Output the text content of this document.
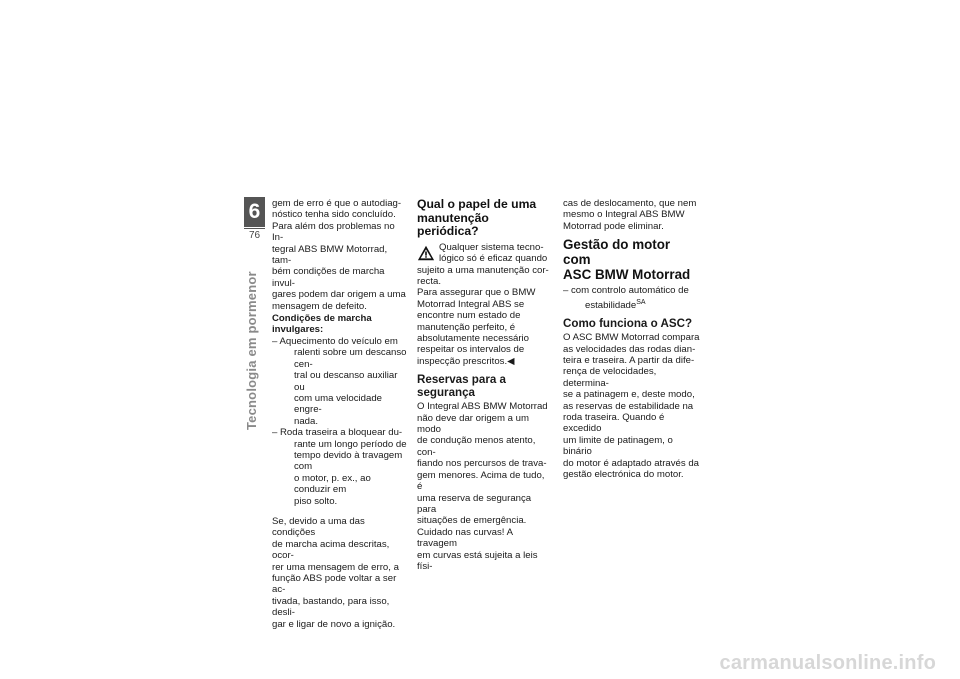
6
76
Tecnologia em pormenor

gem de erro é que o autodiag-
nóstico tenha sido concluído.
Para além dos problemas no In-
tegral ABS BMW Motorrad, tam-
bém condições de marcha invul-
gares podem dar origem a uma
mensagem de defeito.

Condições de marcha
invulgares:

– Aquecimento do veículo em
ralenti sobre um descanso cen-
tral ou descanso auxiliar ou
com uma velocidade engre-
nada.

– Roda traseira a bloquear du-
rante um longo período de
tempo devido à travagem com
o motor, p. ex., ao conduzir em
piso solto.

Se, devido a uma das condições
de marcha acima descritas, ocor-
rer uma mensagem de erro, a
função ABS pode voltar a ser ac-
tivada, bastando, para isso, desli-
gar e ligar de novo a ignição.

Qual o papel de uma
manutenção periódica?

Qualquer sistema tecno-
lógico só é eficaz quando
sujeito a uma manutenção cor-
recta.

Para assegurar que o BMW
Motorrad Integral ABS se
encontre num estado de
manutenção perfeito, é
absolutamente necessário
respeitar os intervalos de
inspecção prescritos.◀

Reservas para a
segurança

O Integral ABS BMW Motorrad
não deve dar origem a um modo
de condução menos atento, con-
fiando nos percursos de trava-
gem menores. Acima de tudo, é
uma reserva de segurança para
situações de emergência.
Cuidado nas curvas! A travagem
em curvas está sujeita a leis físi-

cas de deslocamento, que nem
mesmo o Integral ABS BMW
Motorrad pode eliminar.

Gestão do motor com
ASC BMW Motorrad

– com controlo automático de
estabilidade$^{SA}$

Como funciona o ASC?

O ASC BMW Motorrad compara
as velocidades das rodas dian-
teira e traseira. A partir da dife-
rença de velocidades, determina-
se a patinagem e, deste modo,
as reservas de estabilidade na
roda traseira. Quando é excedido
um limite de patinagem, o binário
do motor é adaptado através da
gestão electrónica do motor.

carmanualsonline.info
